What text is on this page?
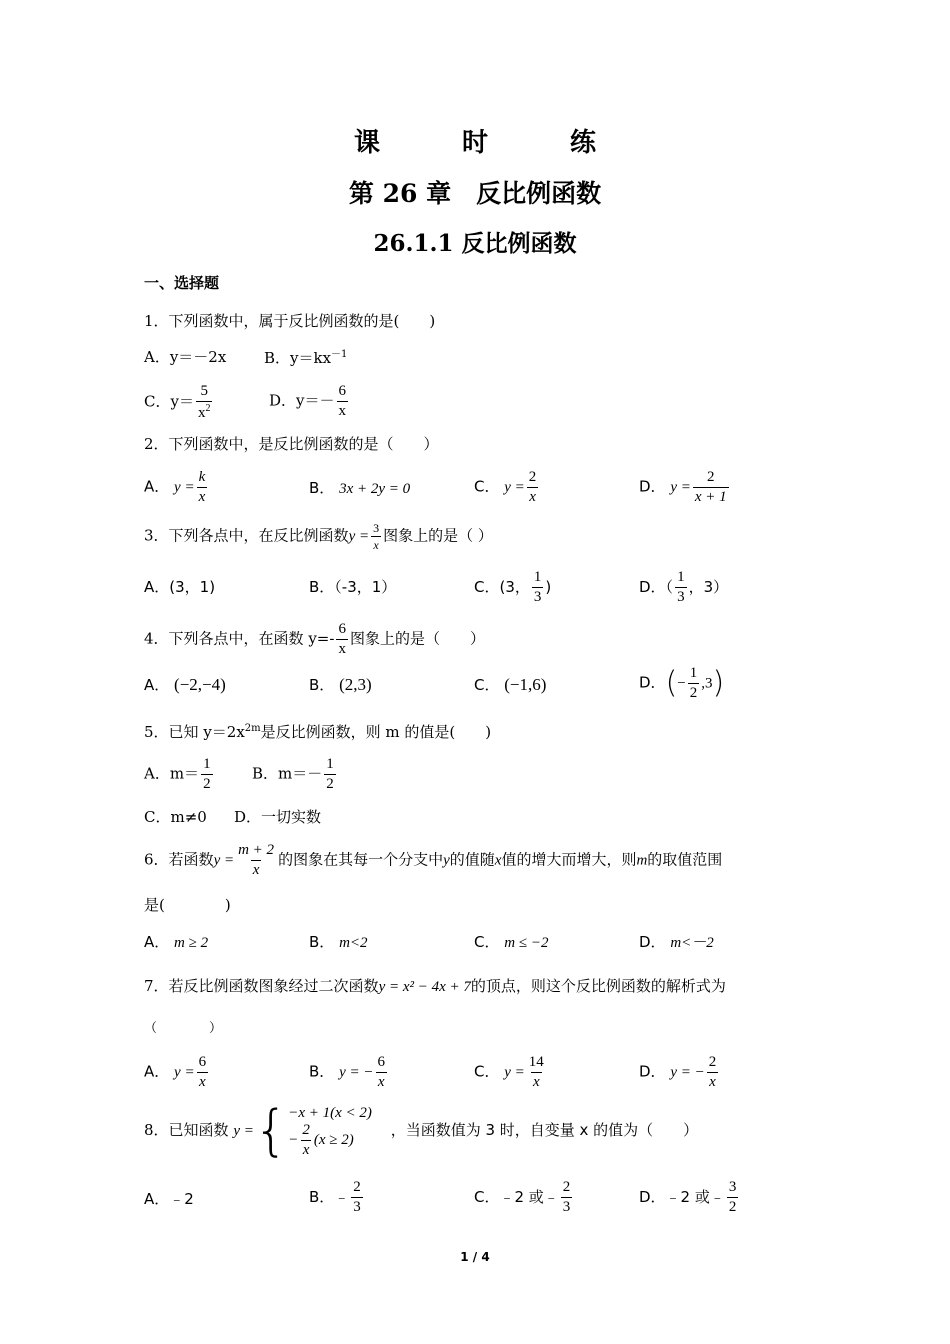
课　时　练
第 26 章　反比例函数
26.1.1 反比例函数
一、选择题
1．下列函数中，属于反比例函数的是(　　)
A．y＝－2x	B．$y=kx^{-1}$
C．$y= \frac{5}{x^2}$	D．$y=- \frac{6}{x}$
2．下列函数中，是反比例函数的是（　　）
A． $y = \frac{k}{x}$	B． 3x + 2y = 0	C． $y = \frac{2}{x}$	D． $y = \frac{2}{x + 1}$
3．下列各点中，在反比例函数$y = \frac{3}{x}$ 图象上的是（ ）
A．(3，1)	B．（-3，1）	C．(3， $\frac{1}{3}$ )	D．（ $\frac{1}{3}$ ，3）
4．下列各点中，在函数 $y=- \frac{6}{x}$ 图象上的是（　　）
A． (−2,−4)	B． (2,3)	C． (−1,6)	D．(− $\frac{1}{2} ,3$)
5．已知 $y=2x^{2m}$是反比例函数，则 m 的值是(　　)
A．$m= \frac{1}{2}$	B．$m=- \frac{1}{2}$
C．m≠0 D．一切实数
6．若函数$y = \frac{m + 2}{x}$ 的图象在其每一个分支中y的值随x值的增大而增大，则m的取值范围
是(　　　　)
A． m ≥ 2	B． m<2	C． m ≤ −2	D． m<－2
7．若反比例函数图象经过二次函数y = x² − 4x + 7的顶点，则这个反比例函数的解析式为
（　　　　）
A． $y = \frac{6}{x}$	B． y = − $\frac{6}{x}$	C． $y = \frac{14}{x}$	D． y = − $\frac{2}{x}$
8．已知函数 y ={ −x + 1(x < 2)
− $\frac{2}{x} (x \ge 2)$
，当函数值为 3 时，自变量 x 的值为（　　）
A．﹣2	B．﹣ $\frac{2}{3}$	C．﹣2 或﹣ $\frac{2}{3}$	D．﹣2 或﹣ $\frac{3}{2}$
1 / 4
